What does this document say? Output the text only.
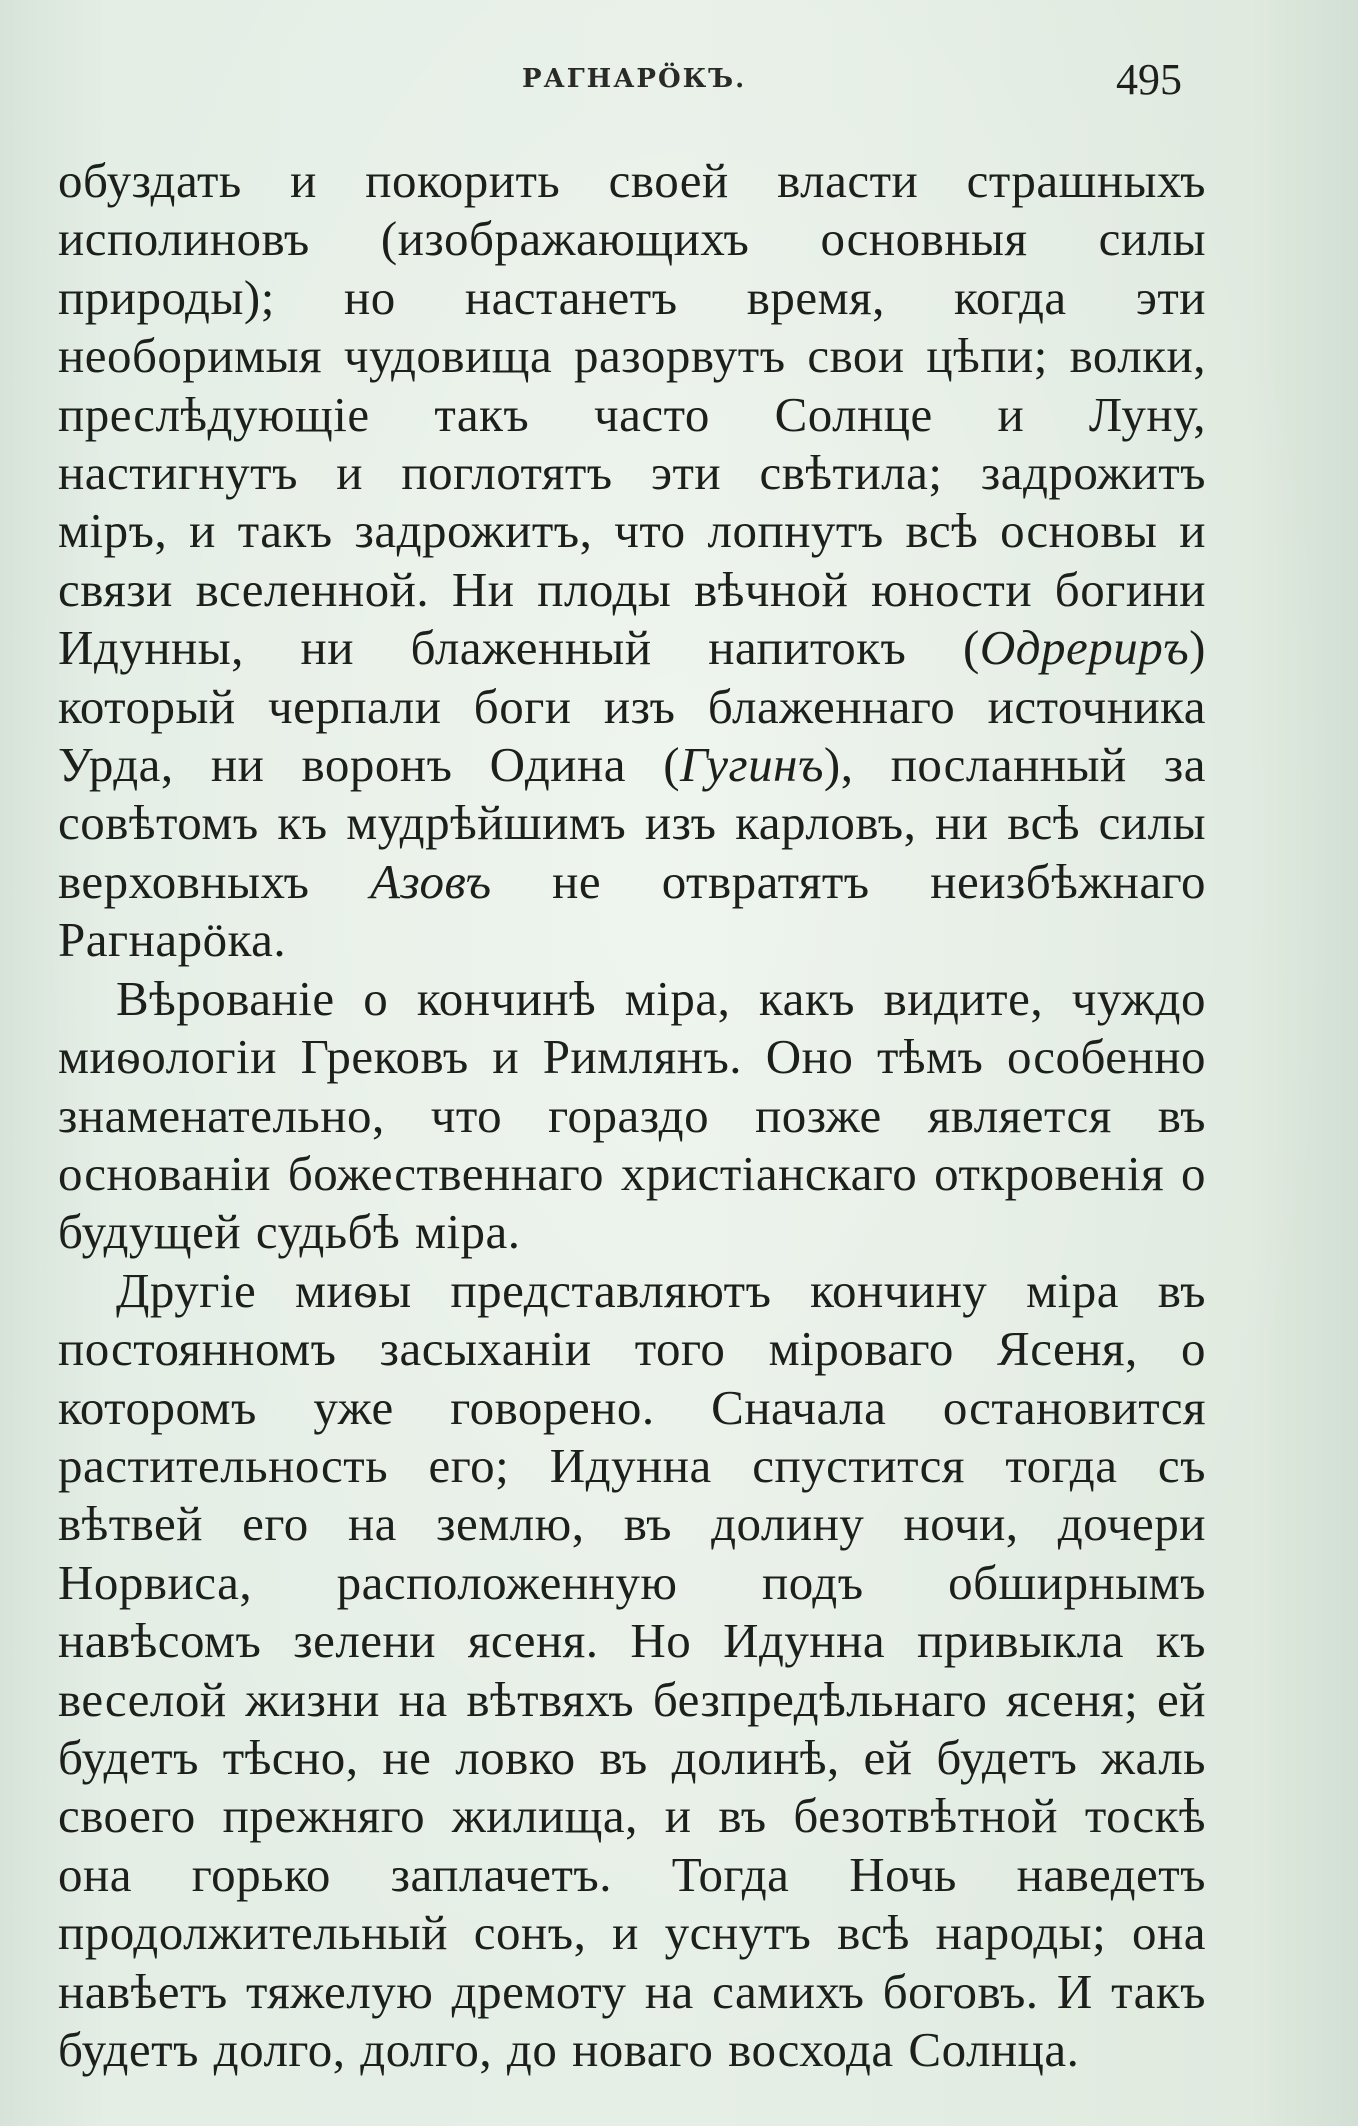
РАГНАРÖКЪ.	495

обуздать и покорить своей власти страшныхъ исполиновъ (изображающихъ основныя силы природы); но настанетъ время, когда эти необоримыя чудовища разорвутъ свои цѣпи; волки, преслѣдующіе такъ часто Солнце и Луну, настигнутъ и поглотятъ эти свѣтила; задрожитъ міръ, и такъ задрожитъ, что лопнутъ всѣ основы и связи вселенной. Ни плоды вѣчной юности богини Идунны, ни блаженный напитокъ (Одрериръ) который черпали боги изъ блаженнаго источника Урда, ни воронъ Одина (Гугинъ), посланный за совѣтомъ къ мудрѣйшимъ изъ карловъ, ни всѣ силы верховныхъ Азовъ не отвратятъ неизбѣжнаго Рагнарöка.

Вѣрованіе о кончинѣ міра, какъ видите, чуждо миѳологіи Грековъ и Римлянъ. Оно тѣмъ особенно знаменательно, что гораздо позже является въ основаніи божественнаго христіанскаго откровенія о будущей судьбѣ міра.

Другіе миѳы представляютъ кончину міра въ постоянномъ засыханіи того міроваго Ясеня, о которомъ уже говорено. Сначала остановится растительность его; Идунна спустится тогда съ вѣтвей его на землю, въ долину ночи, дочери Норвиса, расположенную подъ обширнымъ навѣсомъ зелени ясеня. Но Идунна привыкла къ веселой жизни на вѣтвяхъ безпредѣльнаго ясеня; ей будетъ тѣсно, не ловко въ долинѣ, ей будетъ жаль своего прежняго жилища, и въ безотвѣтной тоскѣ она горько заплачетъ. Тогда Ночь наведетъ продолжительный сонъ, и уснутъ всѣ народы; она навѣетъ тяжелую дремоту на самихъ боговъ. И такъ будетъ долго, долго, до новаго восхода Солнца.
